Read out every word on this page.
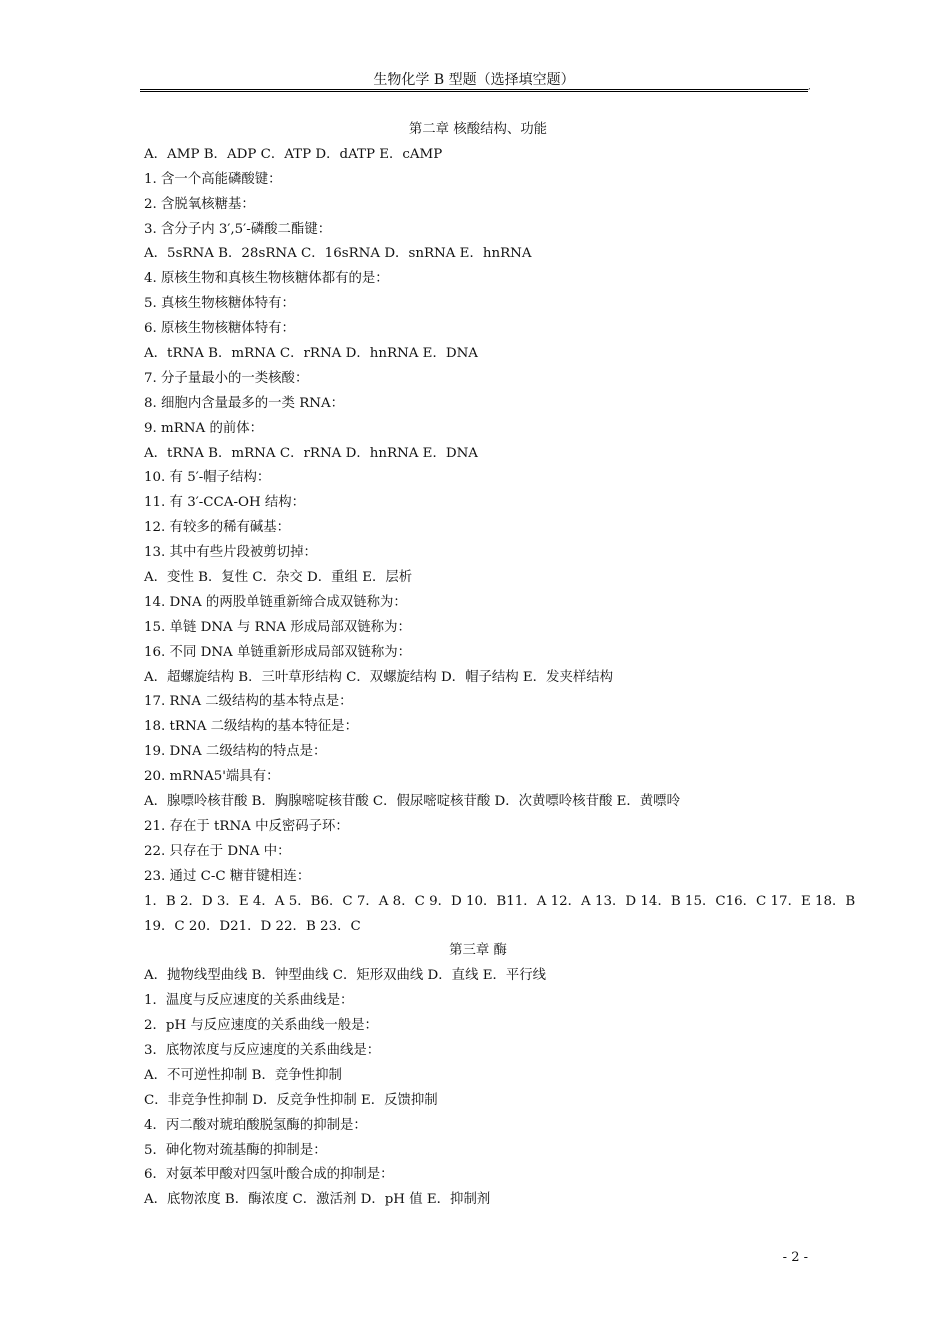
生物化学 B 型题（选择填空题）	,
第二章 核酸结构、功能
A．AMP B．ADP C．ATP D．dATP E．cAMP
1. 含一个高能磷酸键：
2. 含脱氧核糖基：
3. 含分子内 3′,5′-磷酸二酯键：
A．5sRNA B．28sRNA C．16sRNA D．snRNA E．hnRNA
4. 原核生物和真核生物核糖体都有的是：
5. 真核生物核糖体特有：
6. 原核生物核糖体特有：
A．tRNA B．mRNA C．rRNA D．hnRNA E．DNA
7. 分子量最小的一类核酸：
8. 细胞内含量最多的一类 RNA：
9. mRNA 的前体：
A．tRNA B．mRNA C．rRNA D．hnRNA E．DNA
10. 有 5′-帽子结构：
11. 有 3′-CCA-OH 结构：
12. 有较多的稀有碱基：
13. 其中有些片段被剪切掉：
A．变性 B．复性 C．杂交 D．重组 E．层析
14. DNA 的两股单链重新缔合成双链称为：
15. 单链 DNA 与 RNA 形成局部双链称为：
16. 不同 DNA 单链重新形成局部双链称为：
A．超螺旋结构 B．三叶草形结构 C．双螺旋结构 D．帽子结构 E．发夹样结构
17. RNA 二级结构的基本特点是：
18. tRNA 二级结构的基本特征是：
19. DNA 二级结构的特点是：
20. mRNA5'端具有：
A．腺嘌呤核苷酸 B．胸腺嘧啶核苷酸 C．假尿嘧啶核苷酸 D．次黄嘌呤核苷酸 E．黄嘌呤
21. 存在于 tRNA 中反密码子环：
22. 只存在于 DNA 中：
23. 通过 C-C 糖苷键相连：
1．B 2．D 3．E 4．A 5．B6．C 7．A 8．C 9．D 10．B11．A 12．A 13．D 14．B 15．C16．C 17．E 18．B
19．C 20．D21．D 22．B 23．C
第三章 酶
A．抛物线型曲线 B．钟型曲线 C．矩形双曲线 D．直线 E．平行线
1．温度与反应速度的关系曲线是：
2．pH 与反应速度的关系曲线一般是：
3．底物浓度与反应速度的关系曲线是：
A．不可逆性抑制 B．竞争性抑制
C．非竞争性抑制 D．反竞争性抑制 E．反馈抑制
4．丙二酸对琥珀酸脱氢酶的抑制是：
5．砷化物对巯基酶的抑制是：
6．对氨苯甲酸对四氢叶酸合成的抑制是：
A．底物浓度 B．酶浓度 C．激活剂 D．pH 值 E．抑制剂
- 2 -
